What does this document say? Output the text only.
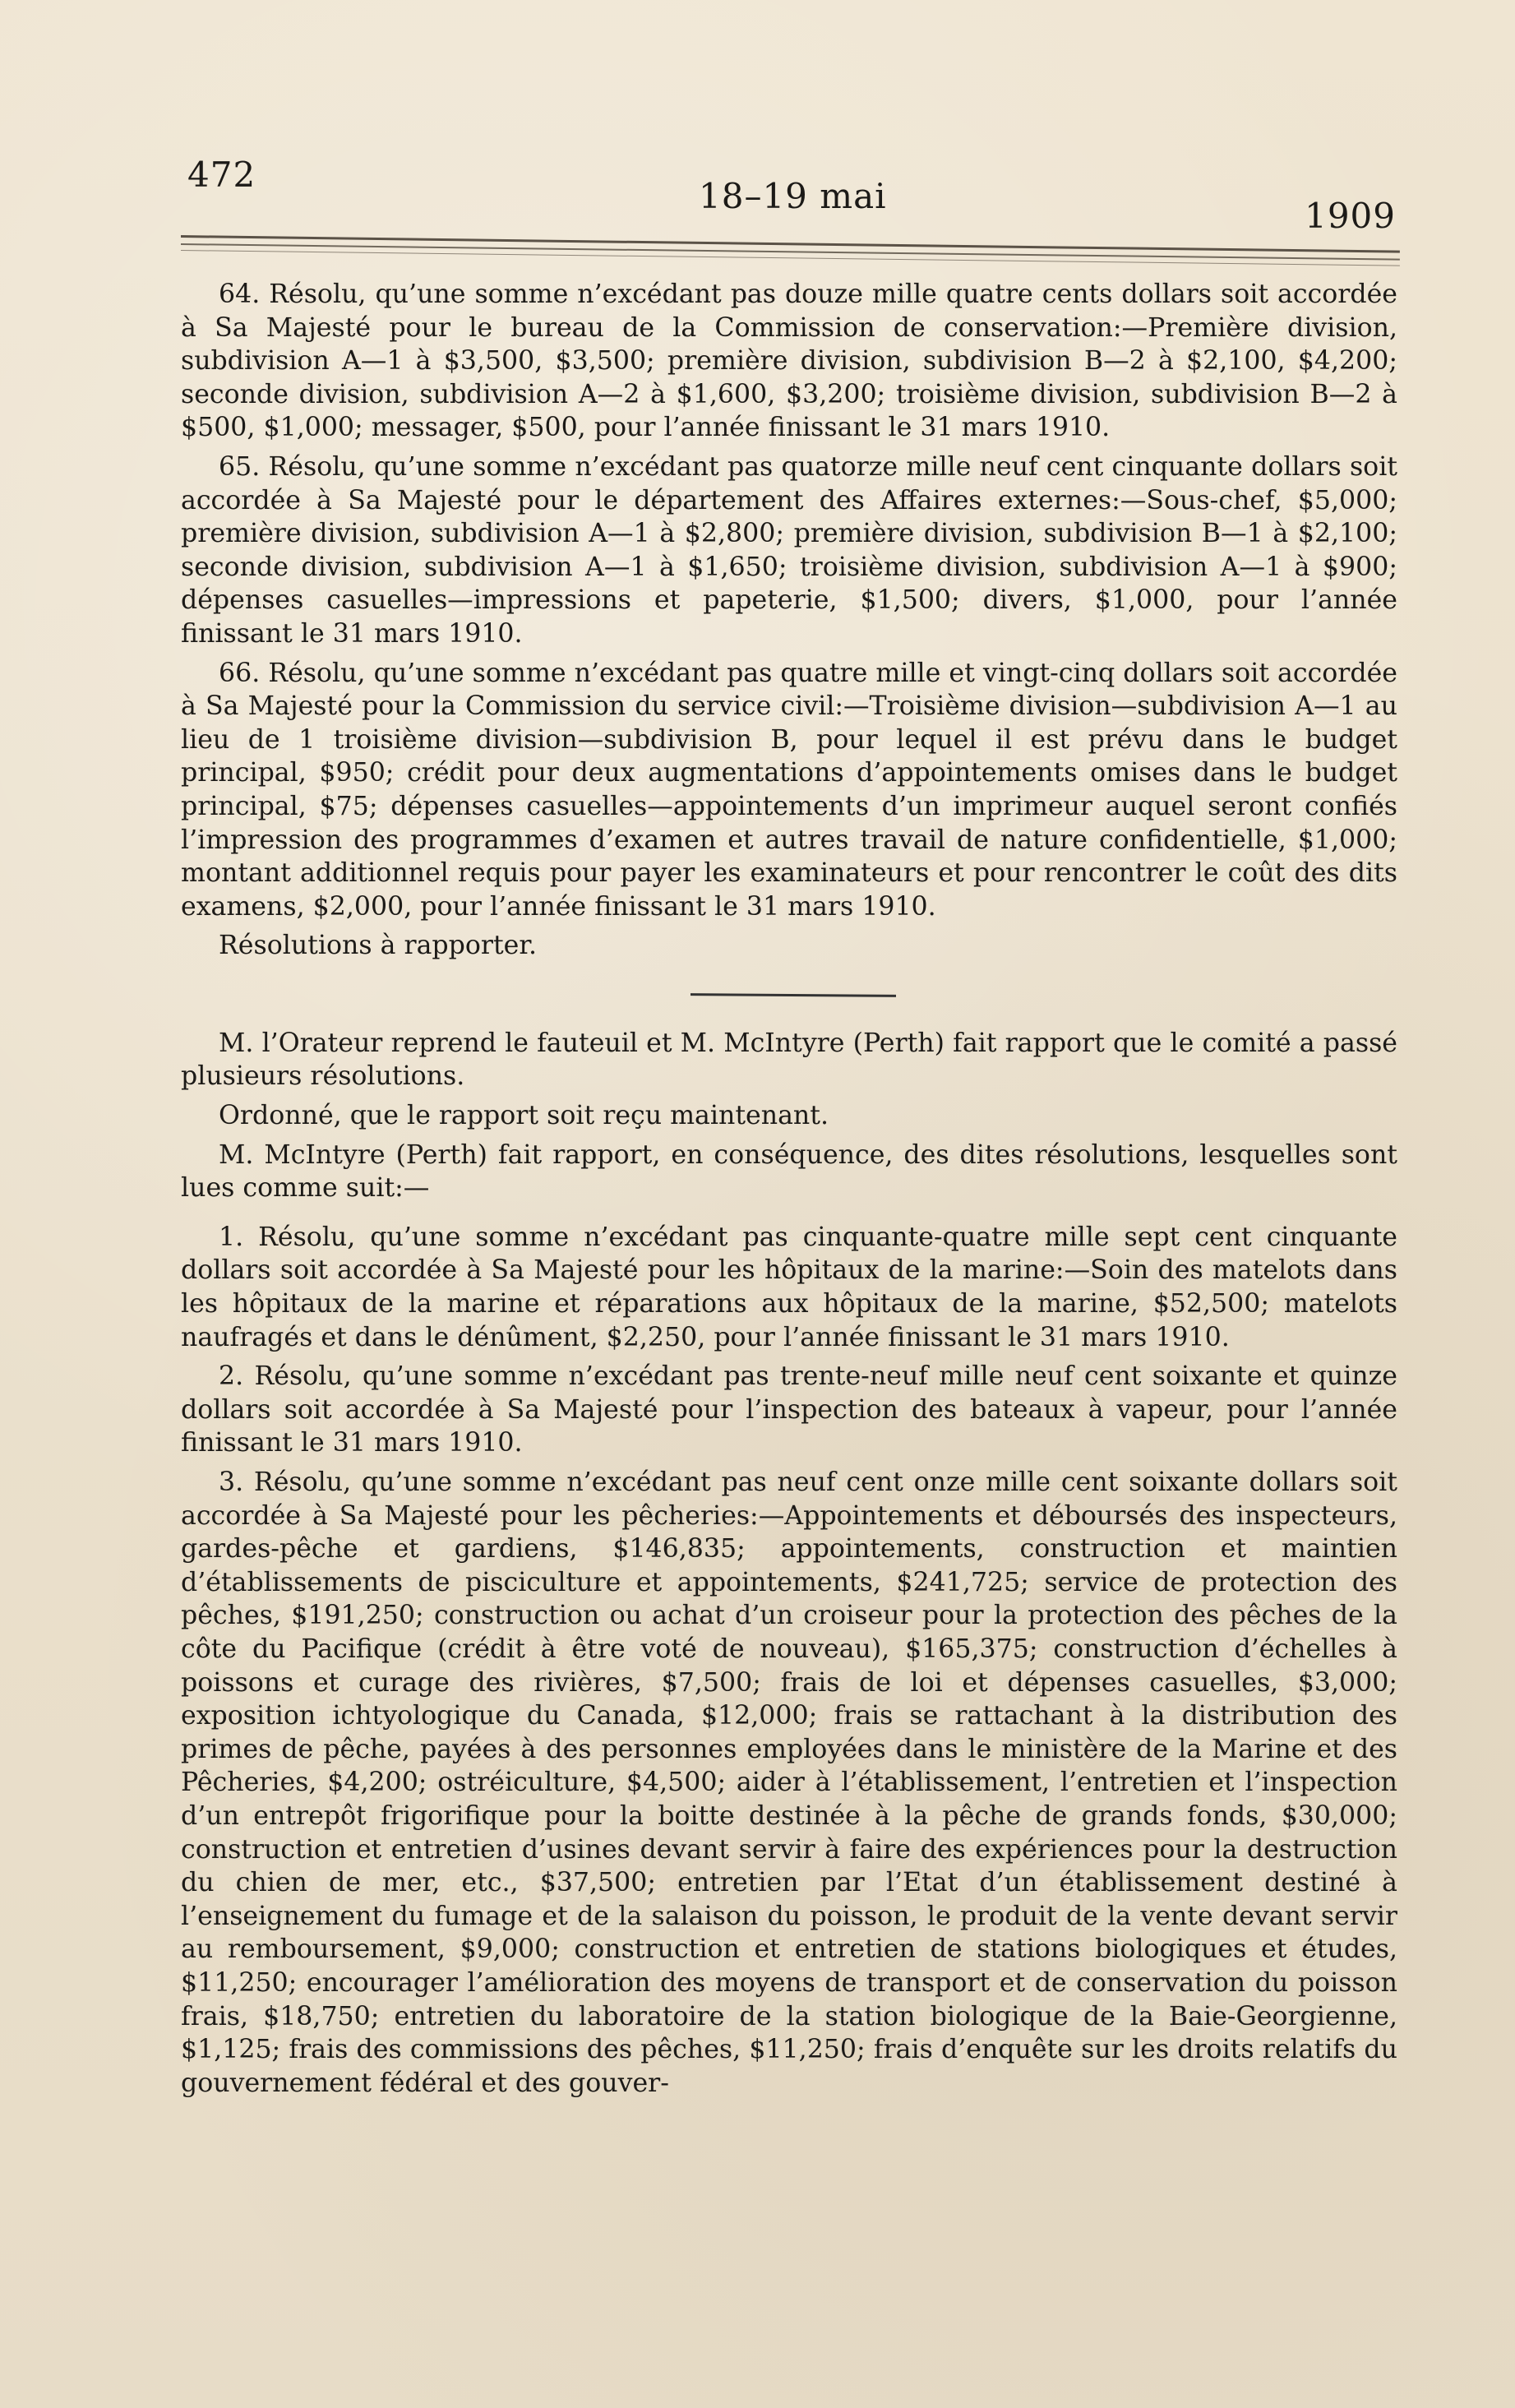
472
18–19 mai	1909

64. Résolu, qu’une somme n’excédant pas douze mille quatre cents dollars soit accordée à Sa Majesté pour le bureau de la Commission de conservation:—Première division, subdivision A—1 à $3,500, $3,500; première division, subdivision B—2 à $2,100, $4,200; seconde division, subdivision A—2 à $1,600, $3,200; troisième division, subdivision B—2 à $500, $1,000; messager, $500, pour l’année finissant le 31 mars 1910.

65. Résolu, qu’une somme n’excédant pas quatorze mille neuf cent cinquante dollars soit accordée à Sa Majesté pour le département des Affaires externes:—Sous-chef, $5,000; première division, subdivision A—1 à $2,800; première division, subdivision B—1 à $2,100; seconde division, subdivision A—1 à $1,650; troisième division, subdivision A—1 à $900; dépenses casuelles—impressions et papeterie, $1,500; divers, $1,000, pour l’année finissant le 31 mars 1910.

66. Résolu, qu’une somme n’excédant pas quatre mille et vingt-cinq dollars soit accordée à Sa Majesté pour la Commission du service civil:—Troisième division—subdivision A—1 au lieu de 1 troisième division—subdivision B, pour lequel il est prévu dans le budget principal, $950; crédit pour deux augmentations d’appointements omises dans le budget principal, $75; dépenses casuelles—appointements d’un imprimeur auquel seront confiés l’impression des programmes d’examen et autres travail de nature confidentielle, $1,000; montant additionnel requis pour payer les examinateurs et pour rencontrer le coût des dits examens, $2,000, pour l’année finissant le 31 mars 1910.

Résolutions à rapporter.

M. l’Orateur reprend le fauteuil et M. McIntyre (Perth) fait rapport que le comité a passé plusieurs résolutions.

Ordonné, que le rapport soit reçu maintenant.

M. McIntyre (Perth) fait rapport, en conséquence, des dites résolutions, lesquelles sont lues comme suit:—

1. Résolu, qu’une somme n’excédant pas cinquante-quatre mille sept cent cinquante dollars soit accordée à Sa Majesté pour les hôpitaux de la marine:—Soin des matelots dans les hôpitaux de la marine et réparations aux hôpitaux de la marine, $52,500; matelots naufragés et dans le dénûment, $2,250, pour l’année finissant le 31 mars 1910.

2. Résolu, qu’une somme n’excédant pas trente-neuf mille neuf cent soixante et quinze dollars soit accordée à Sa Majesté pour l’inspection des bateaux à vapeur, pour l’année finissant le 31 mars 1910.

3. Résolu, qu’une somme n’excédant pas neuf cent onze mille cent soixante dollars soit accordée à Sa Majesté pour les pêcheries:—Appointements et déboursés des inspecteurs, gardes-pêche et gardiens, $146,835; appointements, construction et maintien d’établissements de pisciculture et appointements, $241,725; service de protection des pêches, $191,250; construction ou achat d’un croiseur pour la protection des pêches de la côte du Pacifique (crédit à être voté de nouveau), $165,375; construction d’échelles à poissons et curage des rivières, $7,500; frais de loi et dépenses casuelles, $3,000; exposition ichtyologique du Canada, $12,000; frais se rattachant à la distribution des primes de pêche, payées à des personnes employées dans le ministère de la Marine et des Pêcheries, $4,200; ostréiculture, $4,500; aider à l’établissement, l’entretien et l’inspection d’un entrepôt frigorifique pour la boitte destinée à la pêche de grands fonds, $30,000; construction et entretien d’usines devant servir à faire des expériences pour la destruction du chien de mer, etc., $37,500; entretien par l’Etat d’un établissement destiné à l’enseignement du fumage et de la salaison du poisson, le produit de la vente devant servir au remboursement, $9,000; construction et entretien de stations biologiques et études, $11,250; encourager l’amélioration des moyens de transport et de conservation du poisson frais, $18,750; entretien du laboratoire de la station biologique de la Baie-Georgienne, $1,125; frais des commissions des pêches, $11,250; frais d’enquête sur les droits relatifs du gouvernement fédéral et des gouver-
